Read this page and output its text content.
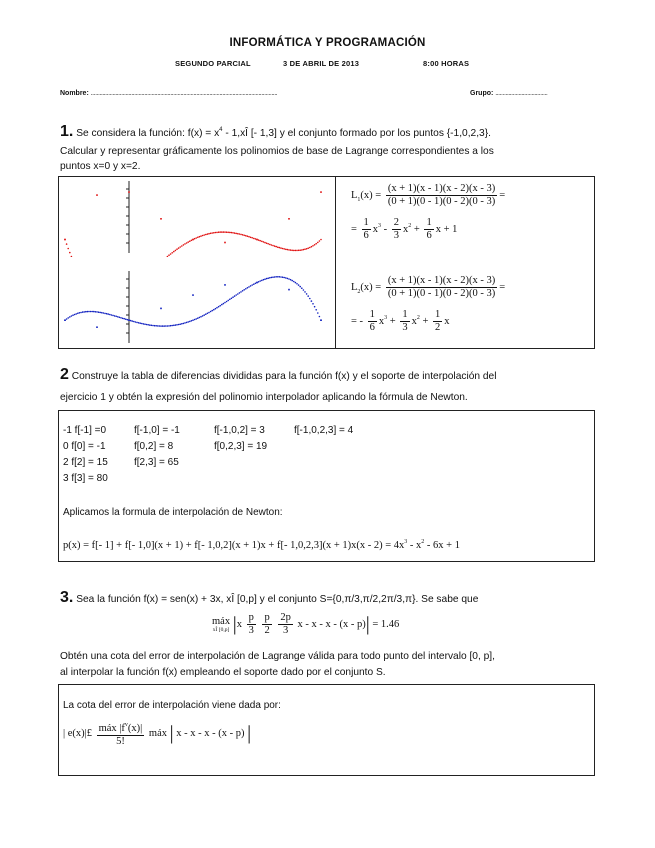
INFORMÁTICA Y PROGRAMACIÓN
SEGUNDO PARCIAL	3 DE ABRIL DE 2013	8:00 HORAS
Nombre: .................................................................................................................................	Grupo: ....................................
1. Se considera la función: $f(x) = x^4$ - 1,xÎ [- 1,3] y el conjunto formado por los puntos {-1,0,2,3}.
Calcular y representar gráficamente los polinomios de base de Lagrange correspondientes a los
puntos x=0 y x=2.
$L_1(x) = \frac{(x + 1)(x - 1)(x - 2)(x - 3)}{(0 + 1)(0 - 1)(0 - 2)(0 - 3)}$ =
= $\frac{1}{6} x^3 - \frac{2}{3} x^2 + \frac{1}{6}$ x + 1
$L_2(x) = \frac{(x + 1)(x - 1)(x - 2)(x - 3)}{(0 + 1)(0 - 1)(0 - 2)(0 - 3)}$ =
= - $\frac{1}{6} x^3 + \frac{1}{3} x^2 + \frac{1}{2}$ x
2 Construye la tabla de diferencias divididas para la función f(x) y el soporte de interpolación del
ejercicio 1 y obtén la expresión del polinomio interpolador aplicando la fórmula de Newton.
-1 f[-1] =0	f[-1,0] = -1	f[-1,0,2] = 3	f[-1,0,2,3] = 4
0 f[0] = -1	f[0,2] = 8	f[0,2,3] = 19
2 f[2] = 15	f[2,3] = 65
3 f[3] = 80
Aplicamos la formula de interpolación de Newton:
p(x) = f[- 1] + f[- 1,0](x + 1) + f[- 1,0,2](x + 1)x + f[- $1,0,2,3](x + 1)x(x - 2) = 4x^3 - x^2 - 6x + 1$
3. Sea la función f(x) = sen(x) + 3x, xÎ [0,p] y el conjunto S={0,π/3,π/2,2π/3,π}. Se sabe que
máx
xÎ [0,p] $|x \frac{p}{3}$
$\frac{p}{2}$
$\frac{2p}{3}$ x - x - x - (x - p)| = 1.46
Obtén una cota del error de interpolación de Lagrange válida para todo punto del intervalo [0, p],
al interpolar la función f(x) empleando el soporte dado por el conjunto S.
La cota del error de interpolación viene dada por:
| e(x)|£ $\frac{máx |f^v(x)|}{5!}$ máx | x - x - x - (x - p) |
